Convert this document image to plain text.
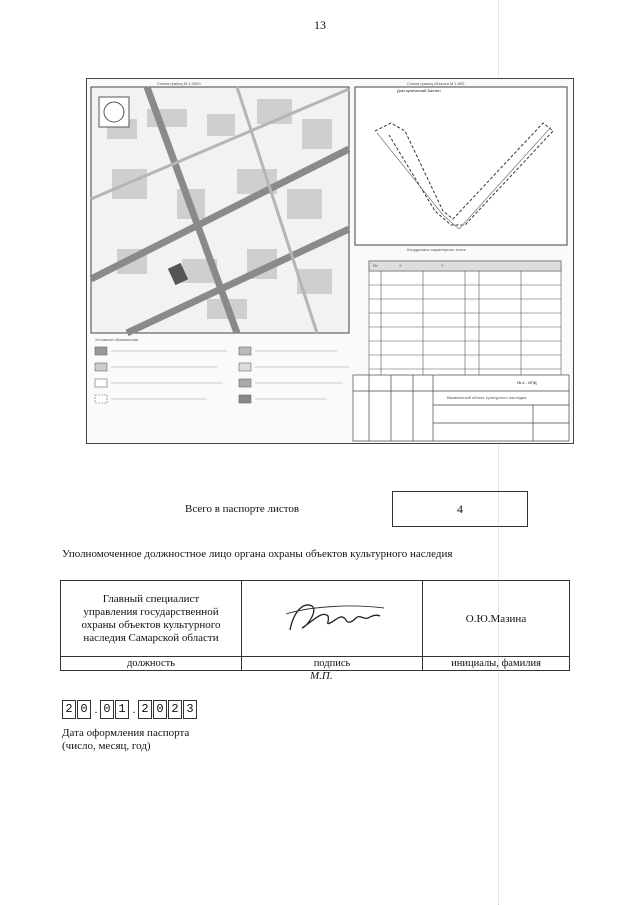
13
Схема границ М 1:2000	Схема границ объекта М 1:500
Дом купеческий Бахтин
Координаты характерных точек
№	X	Y
Условные обозначения
№ 4 - ИПД
Выявленный объект культурного наследия
Всего в паспорте листов	4
Уполномоченное должностное лицо органа охраны объектов культурного наследия
Главный специалист
управления государственной
охраны объектов культурного
наследия Самарской области		О.Ю.Мазина
должность	подпись	инициалы, фамилия
М.П.
2 0 . 0 1 . 2 0 2 3
Дата оформления паспорта
(число, месяц, год)
